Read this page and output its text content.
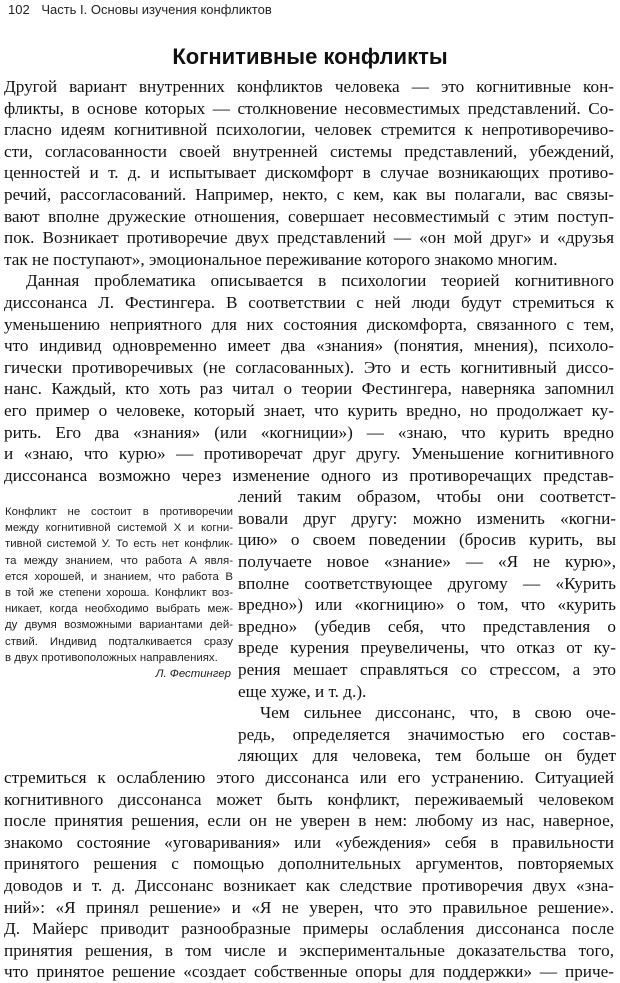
102 Часть I. Основы изучения конфликтов
Когнитивные конфликты
Другой вариант внутренних конфликтов человека — это когнитивные кон-
фликты, в основе которых — столкновение несовместимых представлений. Со-
гласно идеям когнитивной психологии, человек стремится к непротиворечиво-
сти, согласованности своей внутренней системы представлений, убеждений,
ценностей и т. д. и испытывает дискомфорт в случае возникающих противо-
речий, рассогласований. Например, некто, с кем, как вы полагали, вас связы-
вают вполне дружеские отношения, совершает несовместимый с этим поступ-
пок. Возникает противоречие двух представлений — «он мой друг» и «друзья
так не поступают», эмоциональное переживание которого знакомо многим.
Данная проблематика описывается в психологии теорией когнитивного
диссонанса Л. Фестингера. В соответствии с ней люди будут стремиться к
уменьшению неприятного для них состояния дискомфорта, связанного с тем,
что индивид одновременно имеет два «знания» (понятия, мнения), психоло-
гически противоречивых (не согласованных). Это и есть когнитивный диссо-
нанс. Каждый, кто хоть раз читал о теории Фестингера, наверняка запомнил
его пример о человеке, который знает, что курить вредно, но продолжает ку-
рить. Его два «знания» (или «когниции») — «знаю, что курить вредно
и «знаю, что курю» — противоречат друг другу. Уменьшение когнитивного
диссонанса возможно через изменение одного из противоречащих представ-
лений таким образом, чтобы они соответст-
вовали друг другу: можно изменить «когни-
цию» о своем поведении (бросив курить, вы
получаете новое «знание» — «Я не курю»,
вполне соответствующее другому — «Курить
вредно») или «когницию» о том, что «курить
вредно» (убедив себя, что представления о
вреде курения преувеличены, что отказ от ку-
рения мешает справляться со стрессом, а это
еще хуже, и т. д.).
Чем сильнее диссонанс, что, в свою оче-
редь, определяется значимостью его состав-
ляющих для человека, тем больше он будет
стремиться к ослаблению этого диссонанса или его устранению. Ситуацией
когнитивного диссонанса может быть конфликт, переживаемый человеком
после принятия решения, если он не уверен в нем: любому из нас, наверное,
знакомо состояние «уговаривания» или «убеждения» себя в правильности
принятого решения с помощью дополнительных аргументов, повторяемых
доводов и т. д. Диссонанс возникает как следствие противоречия двух «зна-
ний»: «Я принял решение» и «Я не уверен, что это правильное решение».
Д. Майерс приводит разнообразные примеры ослабления диссонанса после
принятия решения, в том числе и экспериментальные доказательства того,
что принятое решение «создает собственные опоры для поддержки» — приче-
Конфликт не состоит в противоречии
между когнитивной системой X и когни-
тивной системой У. То есть нет конфлик-
та между знанием, что работа А явля-
ется хорошей, и знанием, что работа В
в той же степени хороша. Конфликт воз-
никает, когда необходимо выбрать меж-
ду двумя возможными вариантами дей-
ствий. Индивид подталкивается сразу
в двух противоположных направлениях.
Л. Фестингер
